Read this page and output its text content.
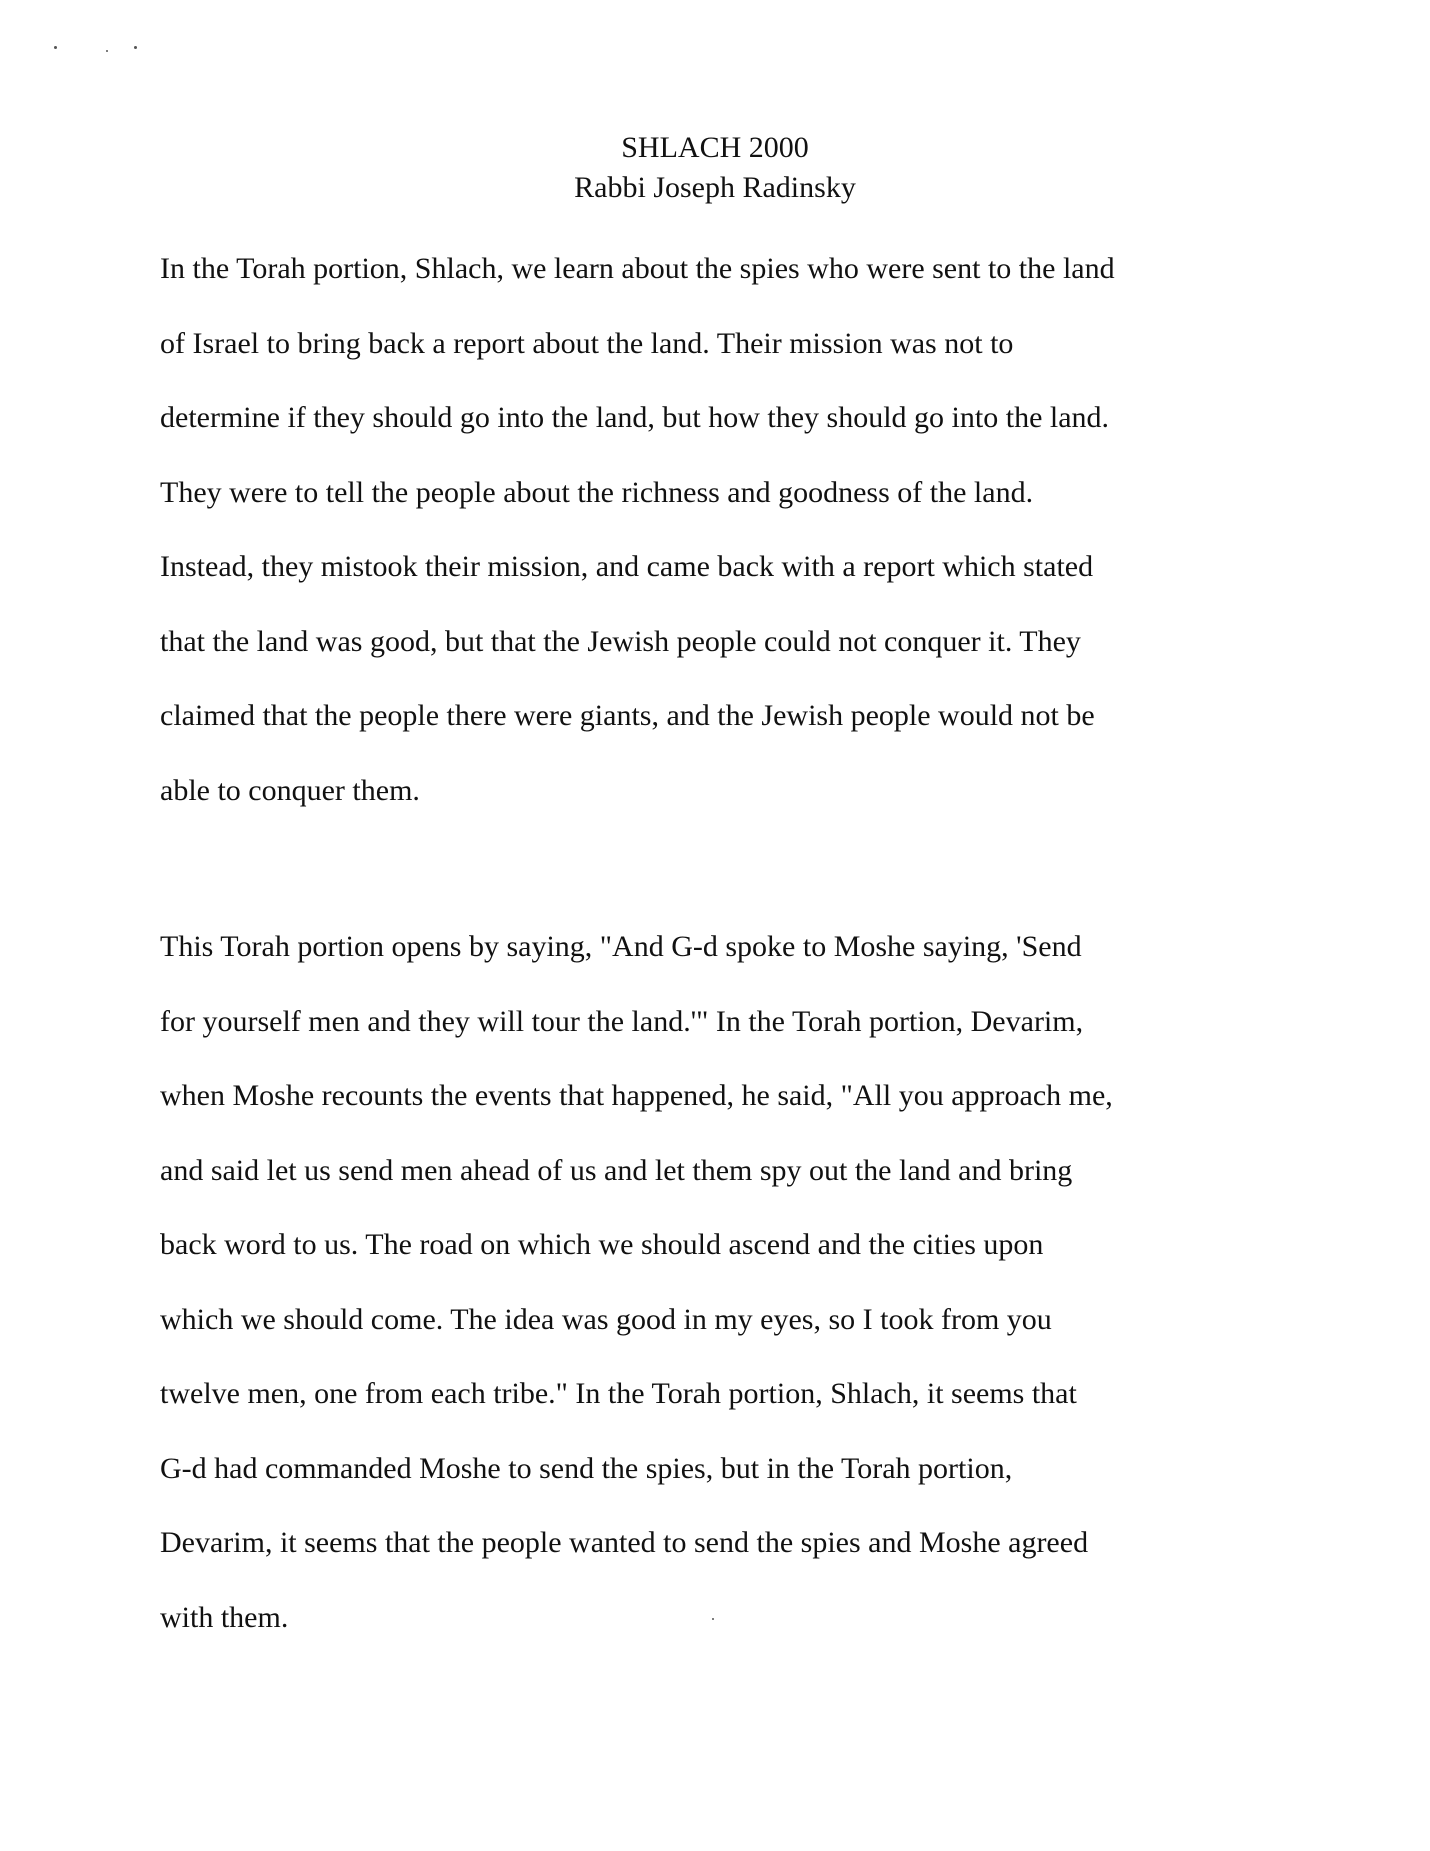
SHLACH 2000
Rabbi Joseph Radinsky
In the Torah portion, Shlach, we learn about the spies who were sent to the land
of Israel to bring back a report about the land. Their mission was not to
determine if they should go into the land, but how they should go into the land.
They were to tell the people about the richness and goodness of the land.
Instead, they mistook their mission, and came back with a report which stated
that the land was good, but that the Jewish people could not conquer it. They
claimed that the people there were giants, and the Jewish people would not be
able to conquer them.
This Torah portion opens by saying, "And G-d spoke to Moshe saying, 'Send
for yourself men and they will tour the land.'" In the Torah portion, Devarim,
when Moshe recounts the events that happened, he said, "All you approach me,
and said let us send men ahead of us and let them spy out the land and bring
back word to us. The road on which we should ascend and the cities upon
which we should come. The idea was good in my eyes, so I took from you
twelve men, one from each tribe." In the Torah portion, Shlach, it seems that
G-d had commanded Moshe to send the spies, but in the Torah portion,
Devarim, it seems that the people wanted to send the spies and Moshe agreed
with them.
